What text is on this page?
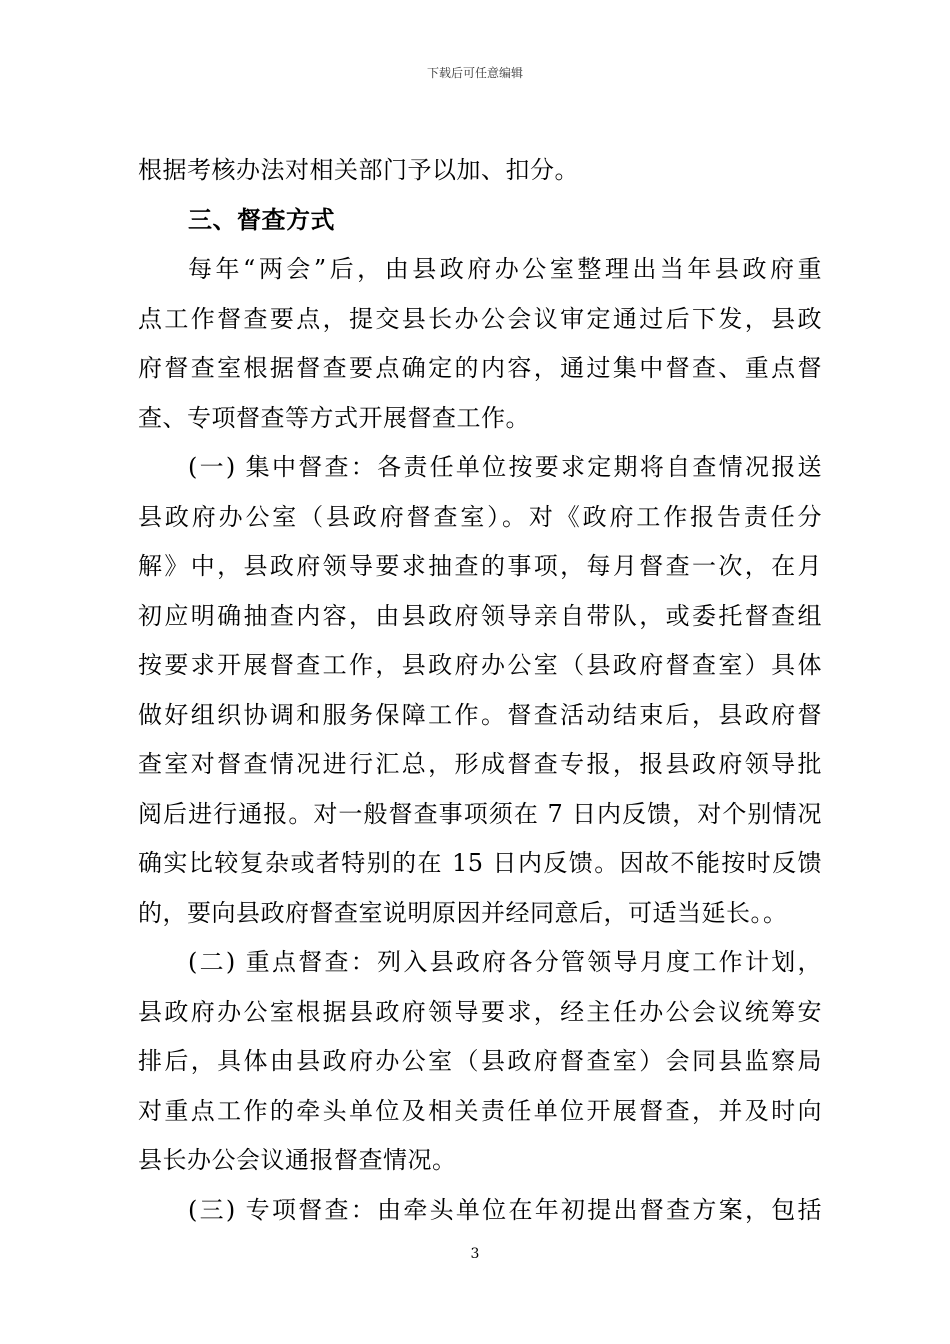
下载后可任意编辑
根据考核办法对相关部门予以加、扣分。
三、督查方式
每年“两会”后，由县政府办公室整理出当年县政府重
点工作督查要点，提交县长办公会议审定通过后下发，县政
府督查室根据督查要点确定的内容，通过集中督查、重点督
查、专项督查等方式开展督查工作。
(一) 集中督查：各责任单位按要求定期将自查情况报送
县政府办公室（县政府督查室）。对《政府工作报告责任分
解》中，县政府领导要求抽查的事项，每月督查一次，在月
初应明确抽查内容，由县政府领导亲自带队，或委托督查组
按要求开展督查工作，县政府办公室（县政府督查室）具体
做好组织协调和服务保障工作。督查活动结束后，县政府督
查室对督查情况进行汇总，形成督查专报，报县政府领导批
阅后进行通报。对一般督查事项须在 7 日内反馈，对个别情况
确实比较复杂或者特别的在 15 日内反馈。因故不能按时反馈
的，要向县政府督查室说明原因并经同意后，可适当延长。。
(二) 重点督查：列入县政府各分管领导月度工作计划，
县政府办公室根据县政府领导要求，经主任办公会议统筹安
排后，具体由县政府办公室（县政府督查室）会同县监察局
对重点工作的牵头单位及相关责任单位开展督查，并及时向
县长办公会议通报督查情况。
(三) 专项督查：由牵头单位在年初提出督查方案，包括
3
